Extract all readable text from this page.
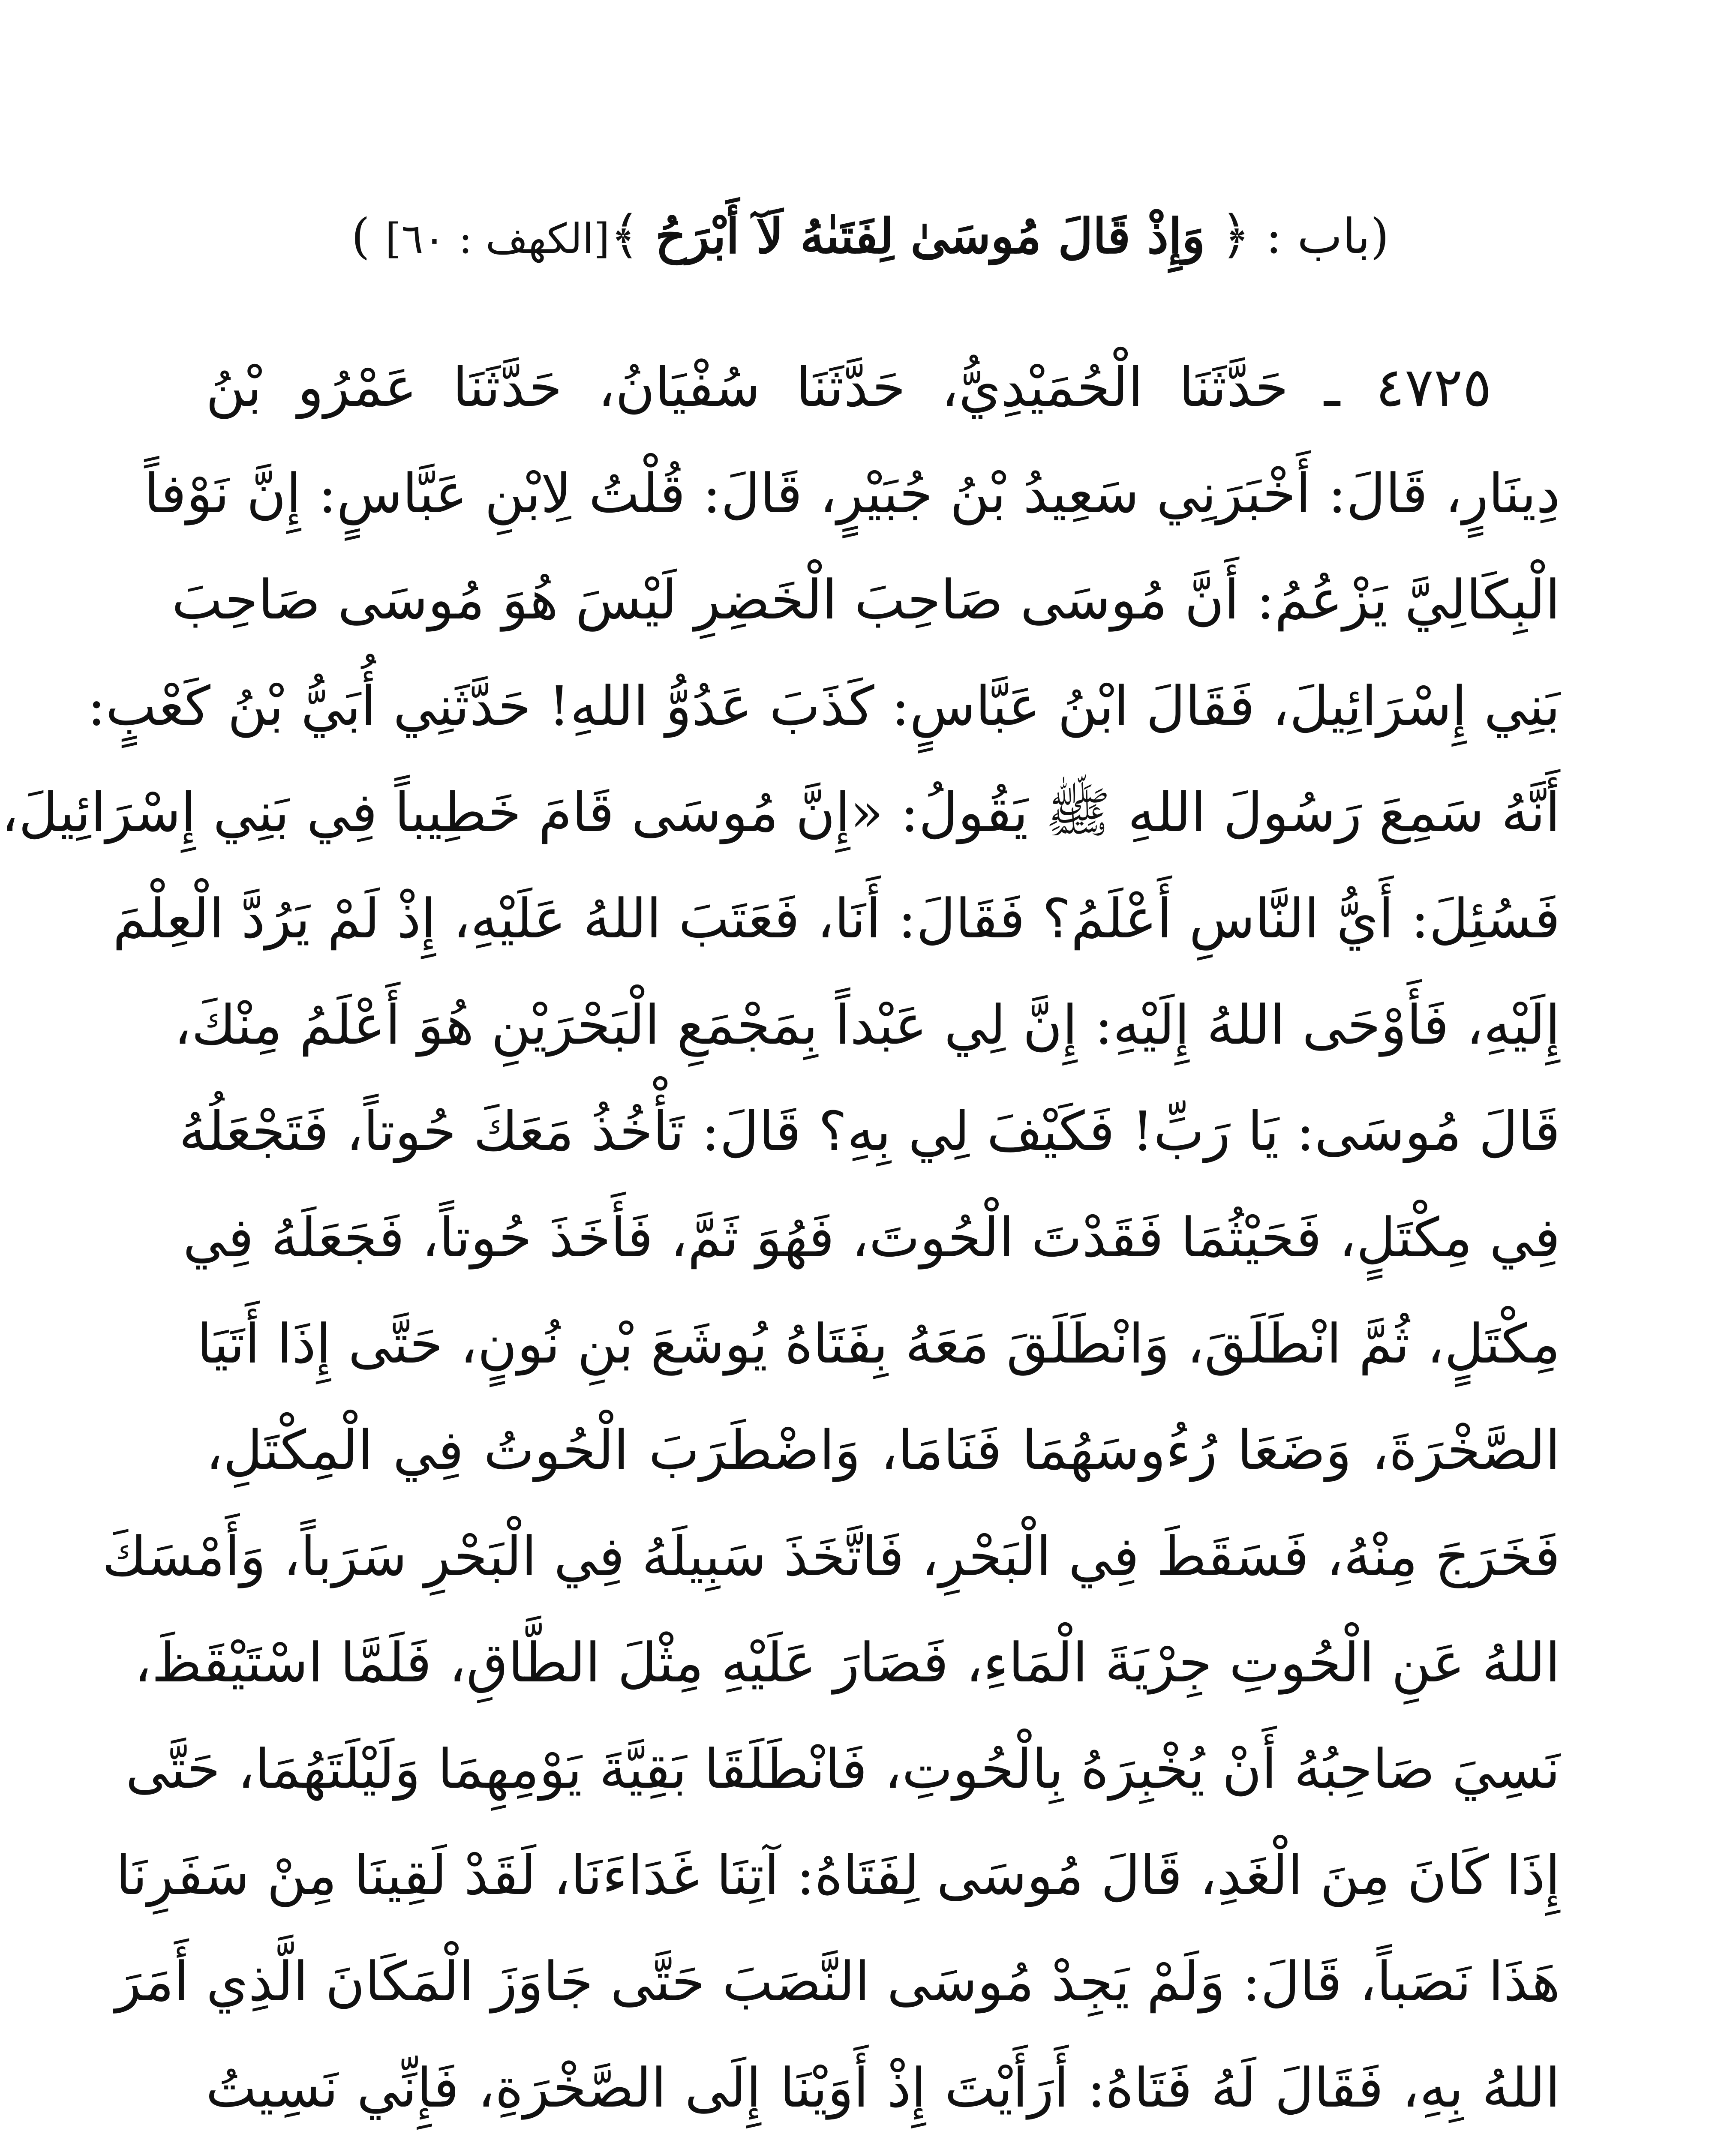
(باب : ﴿ وَإِذْ قَالَ مُوسَىٰ لِفَتَىٰهُ لَآ أَبْرَحُ ﴾[الكهف : ٦٠] )
٤٧٢٥ ـ حَدَّثَنَا الْحُمَيْدِيُّ، حَدَّثَنَا سُفْيَانُ، حَدَّثَنَا عَمْرُو بْنُ
دِينَارٍ، قَالَ: أَخْبَرَنِي سَعِيدُ بْنُ جُبَيْرٍ، قَالَ: قُلْتُ لِابْنِ عَبَّاسٍ: إِنَّ نَوْفاً
الْبِكَالِيَّ يَزْعُمُ: أَنَّ مُوسَى صَاحِبَ الْخَضِرِ لَيْسَ هُوَ مُوسَى صَاحِبَ
بَنِي إِسْرَائِيلَ، فَقَالَ ابْنُ عَبَّاسٍ: كَذَبَ عَدُوُّ اللهِ! حَدَّثَنِي أُبَيُّ بْنُ كَعْبٍ:
أَنَّهُ سَمِعَ رَسُولَ اللهِ ﷺ يَقُولُ: «إِنَّ مُوسَى قَامَ خَطِيباً فِي بَنِي إِسْرَائِيلَ،
فَسُئِلَ: أَيُّ النَّاسِ أَعْلَمُ؟ فَقَالَ: أَنَا، فَعَتَبَ اللهُ عَلَيْهِ، إِذْ لَمْ يَرُدَّ الْعِلْمَ
إِلَيْهِ، فَأَوْحَى اللهُ إِلَيْهِ: إِنَّ لِي عَبْداً بِمَجْمَعِ الْبَحْرَيْنِ هُوَ أَعْلَمُ مِنْكَ،
قَالَ مُوسَى: يَا رَبِّ! فَكَيْفَ لِي بِهِ؟ قَالَ: تَأْخُذُ مَعَكَ حُوتاً، فَتَجْعَلُهُ
فِي مِكْتَلٍ، فَحَيْثُمَا فَقَدْتَ الْحُوتَ، فَهُوَ ثَمَّ، فَأَخَذَ حُوتاً، فَجَعَلَهُ فِي
مِكْتَلٍ، ثُمَّ انْطَلَقَ، وَانْطَلَقَ مَعَهُ بِفَتَاهُ يُوشَعَ بْنِ نُونٍ، حَتَّى إِذَا أَتَيَا
الصَّخْرَةَ، وَضَعَا رُءُوسَهُمَا فَنَامَا، وَاضْطَرَبَ الْحُوتُ فِي الْمِكْتَلِ،
فَخَرَجَ مِنْهُ، فَسَقَطَ فِي الْبَحْرِ، فَاتَّخَذَ سَبِيلَهُ فِي الْبَحْرِ سَرَباً، وَأَمْسَكَ
اللهُ عَنِ الْحُوتِ جِرْيَةَ الْمَاءِ، فَصَارَ عَلَيْهِ مِثْلَ الطَّاقِ، فَلَمَّا اسْتَيْقَظَ،
نَسِيَ صَاحِبُهُ أَنْ يُخْبِرَهُ بِالْحُوتِ، فَانْطَلَقَا بَقِيَّةَ يَوْمِهِمَا وَلَيْلَتَهُمَا، حَتَّى
إِذَا كَانَ مِنَ الْغَدِ، قَالَ مُوسَى لِفَتَاهُ: آتِنَا غَدَاءَنَا، لَقَدْ لَقِينَا مِنْ سَفَرِنَا
هَذَا نَصَباً، قَالَ: وَلَمْ يَجِدْ مُوسَى النَّصَبَ حَتَّى جَاوَزَ الْمَكَانَ الَّذِي أَمَرَ
اللهُ بِهِ، فَقَالَ لَهُ فَتَاهُ: أَرَأَيْتَ إِذْ أَوَيْنَا إِلَى الصَّخْرَةِ، فَإِنِّي نَسِيتُ
